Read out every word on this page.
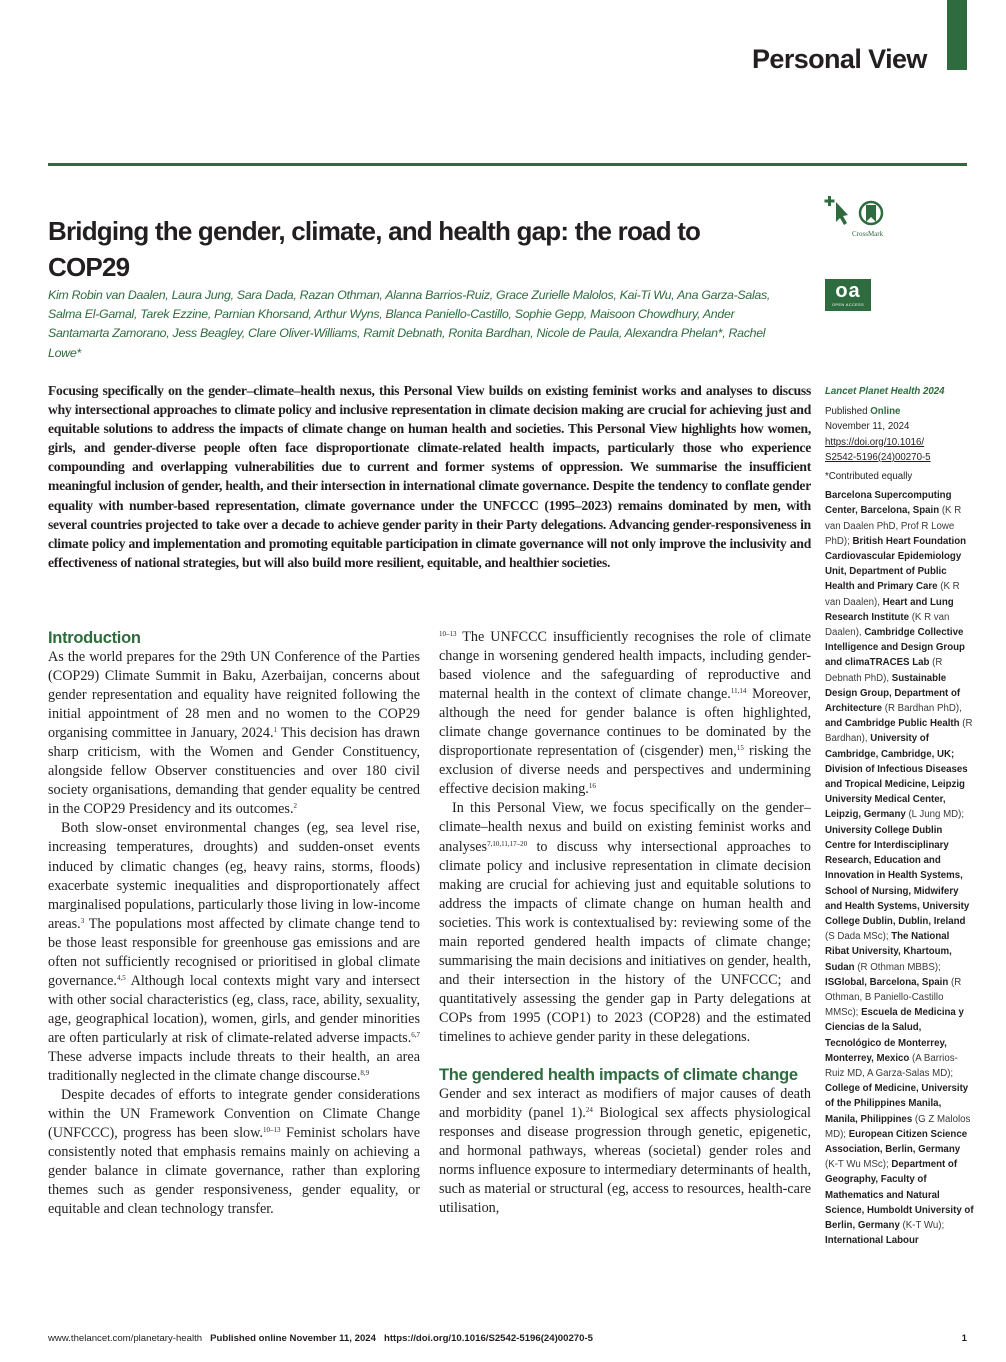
Personal View
Bridging the gender, climate, and health gap: the road to COP29
CrossMark
oa
OPEN ACCESS
Kim Robin van Daalen, Laura Jung, Sara Dada, Razan Othman, Alanna Barrios-Ruiz, Grace Zurielle Malolos, Kai-Ti Wu, Ana Garza-Salas, Salma El-Gamal, Tarek Ezzine, Parnian Khorsand, Arthur Wyns, Blanca Paniello-Castillo, Sophie Gepp, Maisoon Chowdhury, Ander Santamarta Zamorano, Jess Beagley, Clare Oliver-Williams, Ramit Debnath, Ronita Bardhan, Nicole de Paula, Alexandra Phelan*, Rachel Lowe*
Focusing specifically on the gender–climate–health nexus, this Personal View builds on existing feminist works and analyses to discuss why intersectional approaches to climate policy and inclusive representation in climate decision making are crucial for achieving just and equitable solutions to address the impacts of climate change on human health and societies. This Personal View highlights how women, girls, and gender-diverse people often face disproportionate climate-related health impacts, particularly those who experience compounding and overlapping vulnerabilities due to current and former systems of oppression. We summarise the insufficient meaningful inclusion of gender, health, and their intersection in international climate governance. Despite the tendency to conflate gender equality with number-based representation, climate governance under the UNFCCC (1995–2023) remains dominated by men, with several countries projected to take over a decade to achieve gender parity in their Party delegations. Advancing gender-responsiveness in climate policy and implementation and promoting equitable participation in climate governance will not only improve the inclusivity and effectiveness of national strategies, but will also build more resilient, equitable, and healthier societies.
Introduction

As the world prepares for the 29th UN Conference of the Parties (COP29) Climate Summit in Baku, Azerbaijan, concerns about gender representation and equality have reignited following the initial appointment of 28 men and no women to the COP29 organising committee in January, 2024.$^1$ This decision has drawn sharp criticism, with the Women and Gender Constituency, alongside fellow Observer constituencies and over 180 civil society organisations, demanding that gender equality be centred in the COP29 Presidency and its outcomes.$^2$

Both slow-onset environmental changes (eg, sea level rise, increasing temperatures, droughts) and sudden-onset events induced by climatic changes (eg, heavy rains, storms, floods) exacerbate systemic inequalities and disproportionately affect marginalised populations, particularly those living in low-income areas.$^3$ The populations most affected by climate change tend to be those least responsible for greenhouse gas emissions and are often not sufficiently recognised or prioritised in global climate governance.$^{4,5}$ Although local contexts might vary and intersect with other social characteristics (eg, class, race, ability, sexuality, age, geographical location), women, girls, and gender minorities are often particularly at risk of climate-related adverse impacts.$^{6,7}$ These adverse impacts include threats to their health, an area traditionally neglected in the climate change discourse.$^{8,9}$

Despite decades of efforts to integrate gender considerations within the UN Framework Convention on Climate Change (UNFCCC), progress has been slow.$^{10-13}$ Feminist scholars have consistently noted that emphasis remains mainly on achieving a gender balance in climate governance, rather than exploring themes such as gender responsiveness, gender equality, or equitable and clean technology transfer.

$^{10-13}$ The UNFCCC insufficiently recognises the role of climate change in worsening gendered health impacts, including gender-based violence and the safeguarding of reproductive and maternal health in the context of climate change.$^{11,14}$ Moreover, although the need for gender balance is often highlighted, climate change governance continues to be dominated by the disproportionate representation of (cisgender) men,$^{15}$ risking the exclusion of diverse needs and perspectives and undermining effective decision making.$^{16}$

In this Personal View, we focus specifically on the gender–climate–health nexus and build on existing feminist works and analyses$^{7,10,11,17-20}$ to discuss why intersectional approaches to climate policy and inclusive representation in climate decision making are crucial for achieving just and equitable solutions to address the impacts of climate change on human health and societies. This work is contextualised by: reviewing some of the main reported gendered health impacts of climate change; summarising the main decisions and initiatives on gender, health, and their intersection in the history of the UNFCCC; and quantitatively assessing the gender gap in Party delegations at COPs from 1995 (COP1) to 2023 (COP28) and the estimated timelines to achieve gender parity in these delegations.

The gendered health impacts of climate change

Gender and sex interact as modifiers of major causes of death and morbidity (panel 1).$^{24}$ Biological sex affects physiological responses and disease progression through genetic, epigenetic, and hormonal pathways, whereas (societal) gender roles and norms influence exposure to intermediary determinants of health, such as material or structural (eg, access to resources, health-care utilisation,

Lancet Planet Health 2024
Published Online
November 11, 2024
https://doi.org/10.1016/
S2542-5196(24)00270-5
*Contributed equally
Barcelona Supercomputing Center, Barcelona, Spain (K R van Daalen PhD, Prof R Lowe PhD); British Heart Foundation Cardiovascular Epidemiology Unit, Department of Public Health and Primary Care (K R van Daalen), Heart and Lung Research Institute (K R van Daalen), Cambridge Collective Intelligence and Design Group and climaTRACES Lab (R Debnath PhD), Sustainable Design Group, Department of Architecture (R Bardhan PhD), and Cambridge Public Health (R Bardhan), University of Cambridge, Cambridge, UK; Division of Infectious Diseases and Tropical Medicine, Leipzig University Medical Center, Leipzig, Germany (L Jung MD); University College Dublin Centre for Interdisciplinary Research, Education and Innovation in Health Systems, School of Nursing, Midwifery and Health Systems, University College Dublin, Dublin, Ireland (S Dada MSc); The National Ribat University, Khartoum, Sudan (R Othman MBBS); ISGlobal, Barcelona, Spain (R Othman, B Paniello-Castillo MMSc); Escuela de Medicina y Ciencias de la Salud, Tecnológico de Monterrey, Monterrey, Mexico (A Barrios-Ruiz MD, A Garza-Salas MD); College of Medicine, University of the Philippines Manila, Manila, Philippines (G Z Malolos MD); European Citizen Science Association, Berlin, Germany (K-T Wu MSc); Department of Geography, Faculty of Mathematics and Natural Science, Humboldt University of Berlin, Germany (K-T Wu); International Labour
www.thelancet.com/planetary-health Published online November 11, 2024 https://doi.org/10.1016/S2542-5196(24)00270-5	1
